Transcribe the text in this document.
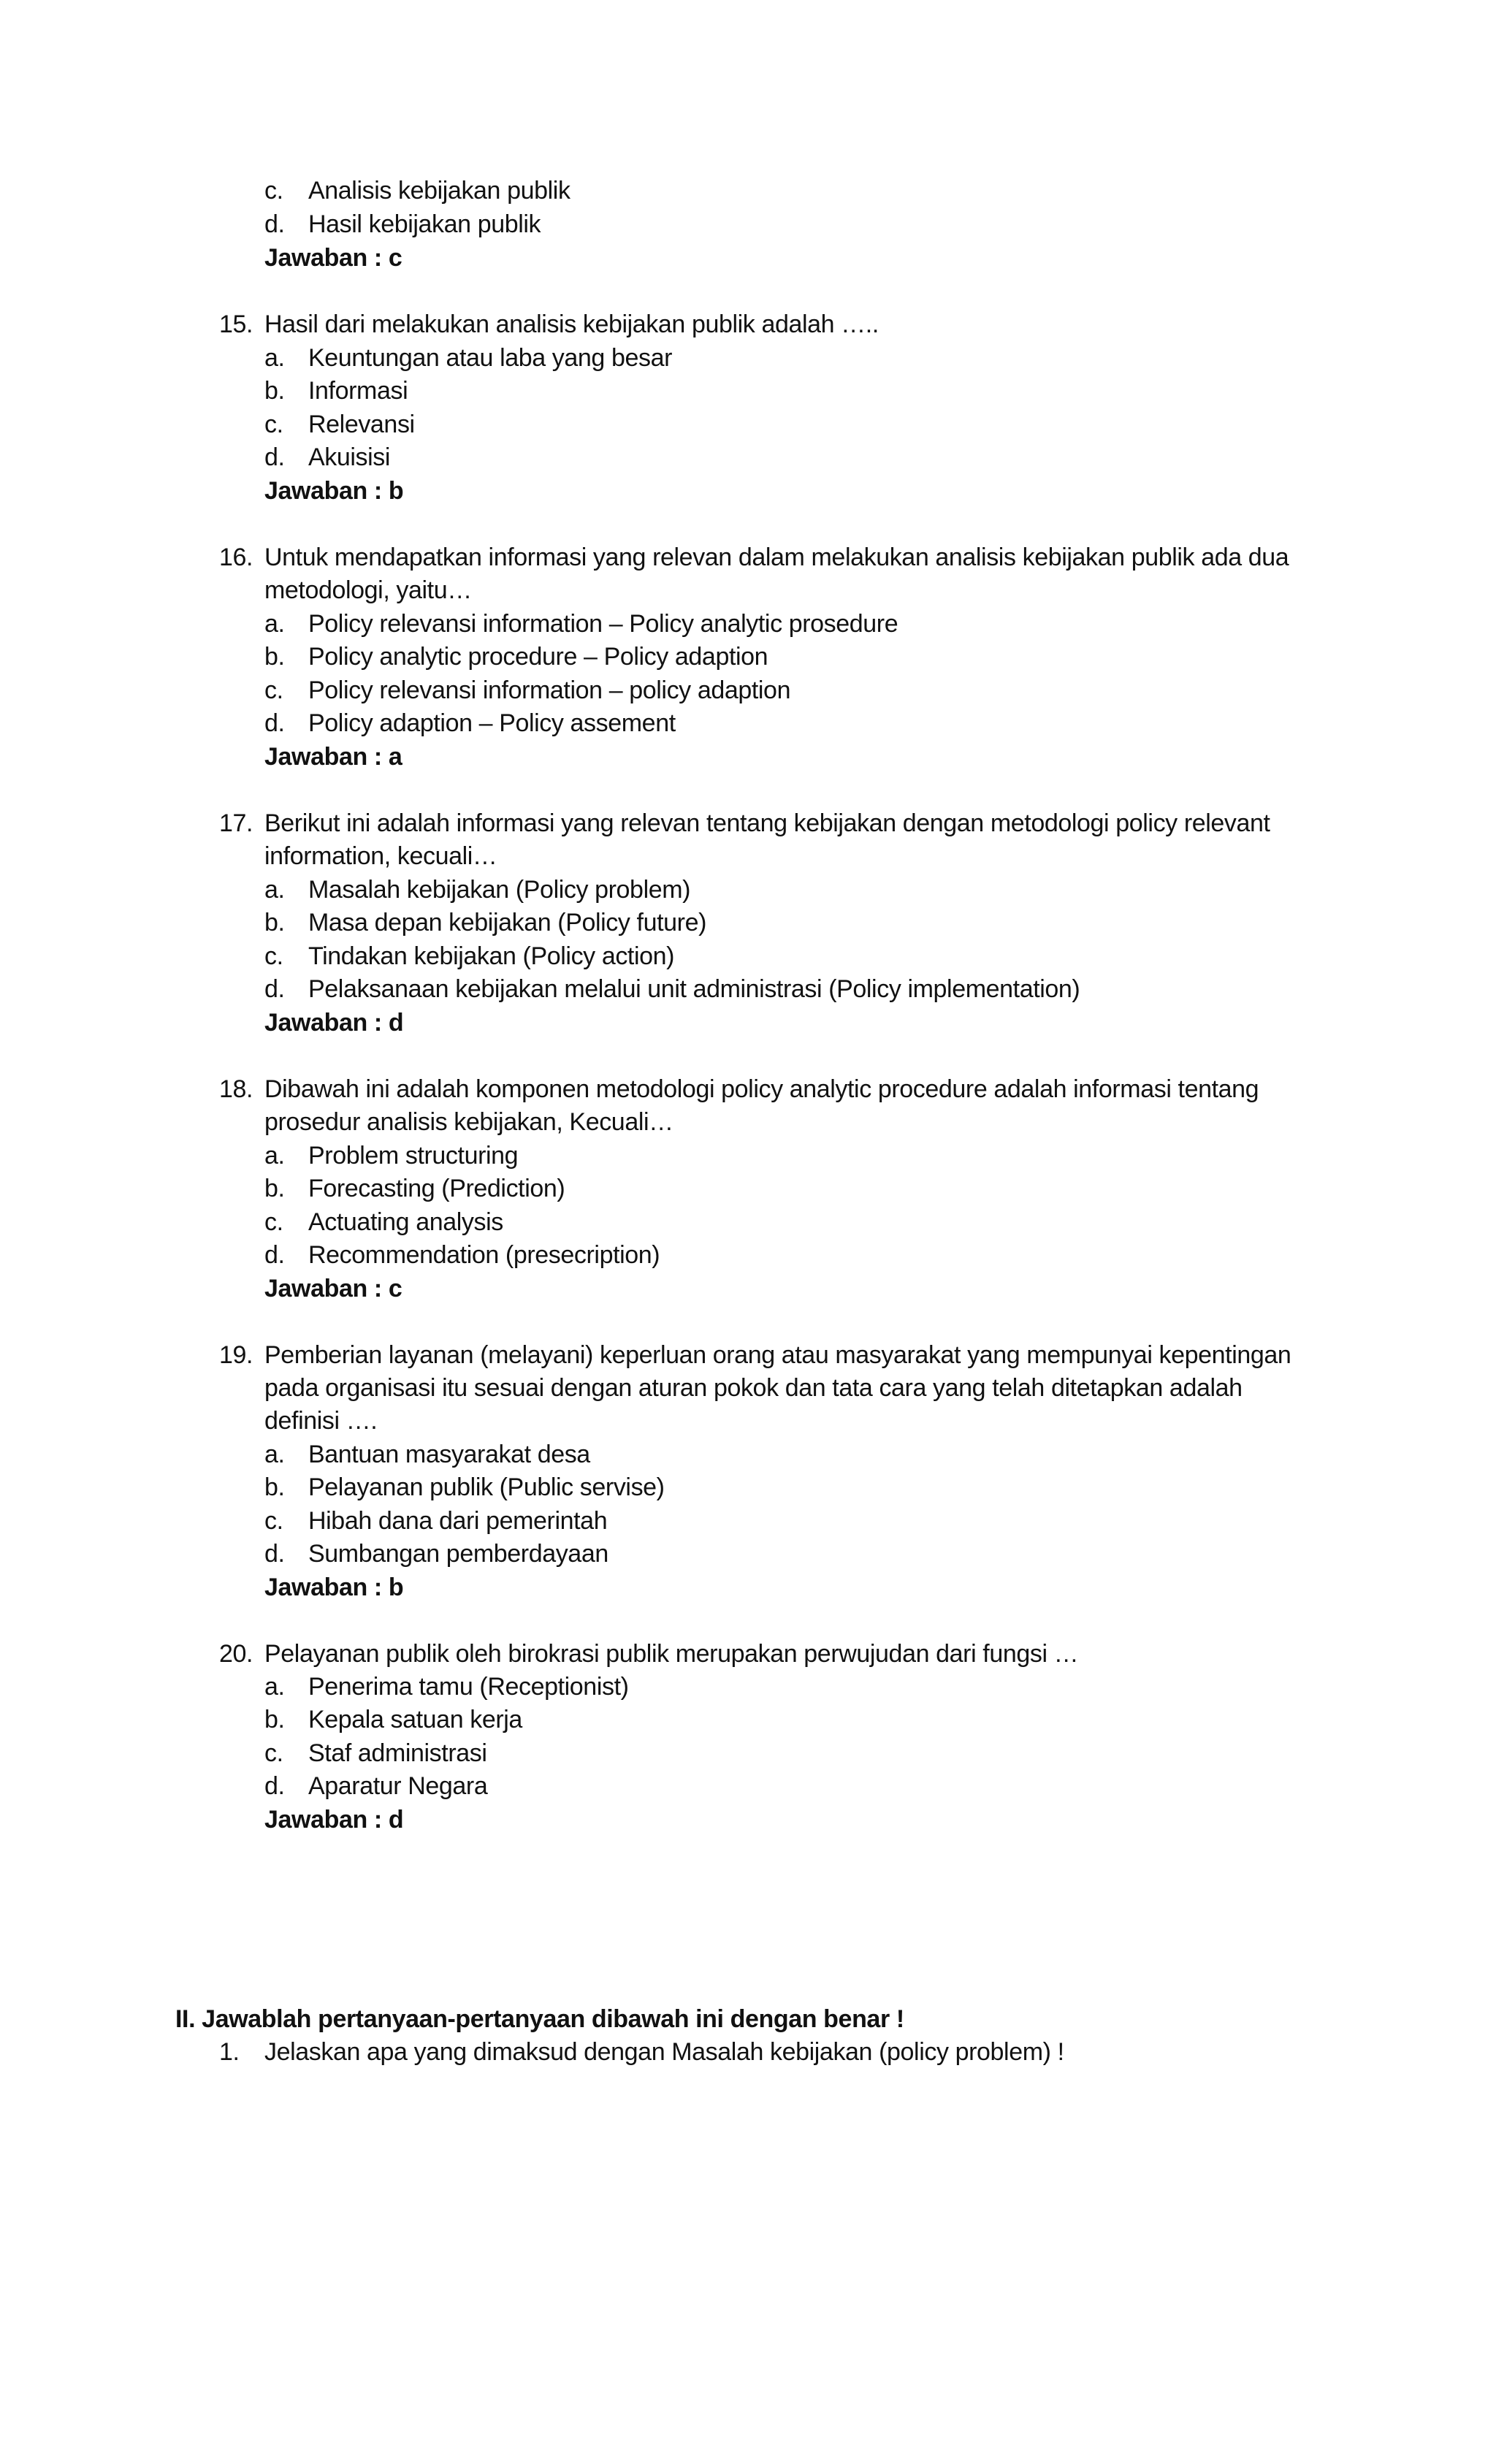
c.	Analisis kebijakan publik
d. Hasil kebijakan publik
Jawaban : c
15. Hasil dari melakukan analisis kebijakan publik adalah …..
a. Keuntungan atau laba yang besar
b. Informasi
c.	Relevansi
d. Akuisisi
Jawaban : b
16. Untuk mendapatkan informasi yang relevan dalam melakukan analisis kebijakan publik ada dua
metodologi, yaitu…
a. Policy relevansi information – Policy analytic prosedure
b. Policy analytic procedure – Policy adaption
c.	Policy relevansi information – policy adaption
d. Policy adaption – Policy assement
Jawaban : a
17. Berikut ini adalah informasi yang relevan tentang kebijakan dengan metodologi policy relevant
information, kecuali…
a. Masalah kebijakan (Policy problem)
b. Masa depan kebijakan (Policy future)
c.	Tindakan kebijakan (Policy action)
d. Pelaksanaan kebijakan melalui unit administrasi (Policy implementation)
Jawaban : d
18. Dibawah ini adalah komponen metodologi policy analytic procedure adalah informasi tentang
prosedur analisis kebijakan, Kecuali…
a. Problem structuring
b. Forecasting (Prediction)
c.	Actuating analysis
d. Recommendation (presecription)
Jawaban : c
19. Pemberian layanan (melayani) keperluan orang atau masyarakat yang mempunyai kepentingan
pada organisasi itu sesuai dengan aturan pokok dan tata cara yang telah ditetapkan adalah
definisi ….
a. Bantuan masyarakat desa
b. Pelayanan publik (Public servise)
c.	Hibah dana dari pemerintah
d. Sumbangan pemberdayaan
Jawaban : b
20. Pelayanan publik oleh birokrasi publik merupakan perwujudan dari fungsi …
a. Penerima tamu (Receptionist)
b. Kepala satuan kerja
c.	Staf administrasi
d. Aparatur Negara
Jawaban : d
II. Jawablah pertanyaan-pertanyaan dibawah ini dengan benar !
1.	Jelaskan apa yang dimaksud dengan Masalah kebijakan (policy problem) !
